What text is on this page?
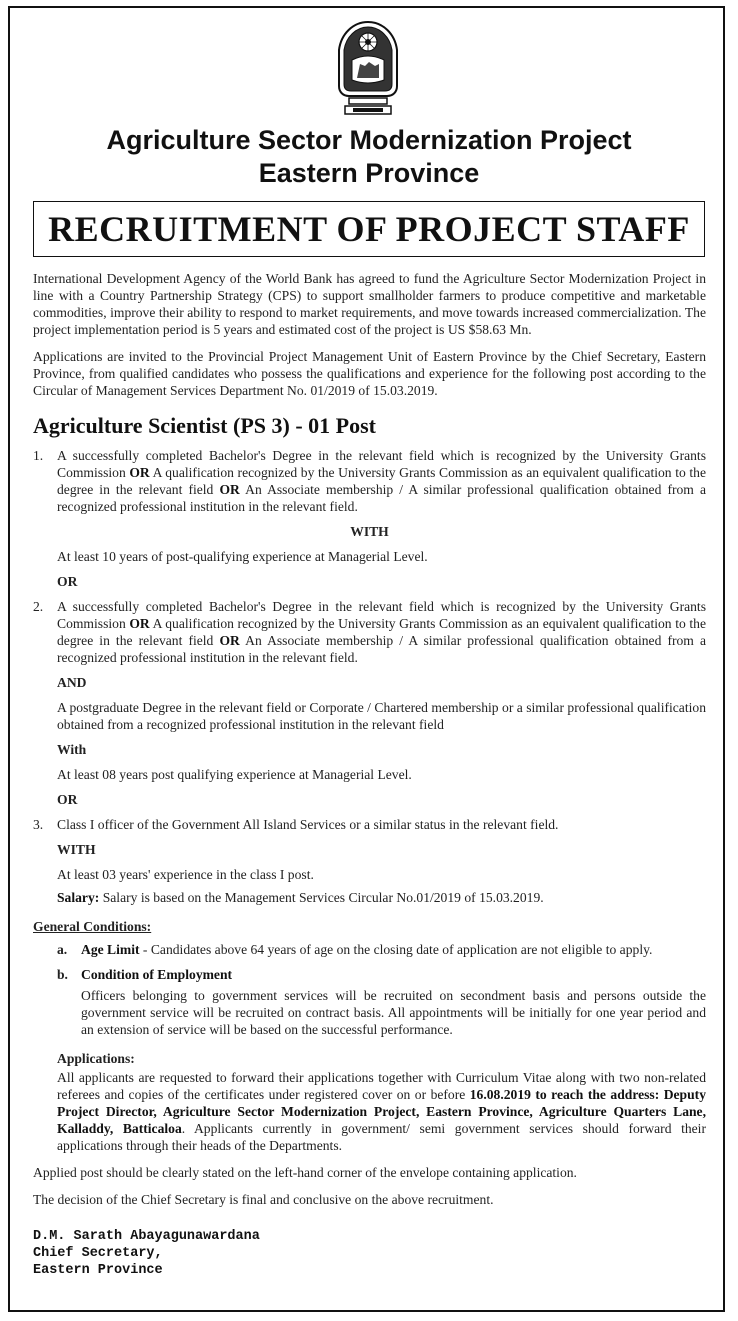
Agriculture Sector Modernization Project
Eastern Province
RECRUITMENT OF PROJECT STAFF

International Development Agency of the World Bank has agreed to fund the Agriculture Sector Modernization Project in line with a Country Partnership Strategy (CPS) to support smallholder farmers to produce competitive and marketable commodities, improve their ability to respond to market requirements, and move towards increased commercialization. The project implementation period is 5 years and estimated cost of the project is US $58.63 Mn.

Applications are invited to the Provincial Project Management Unit of Eastern Province by the Chief Secretary, Eastern Province, from qualified candidates who possess the qualifications and experience for the following post according to the Circular of Management Services Department No. 01/2019 of 15.03.2019.

Agriculture Scientist (PS 3) - 01 Post
1.	A successfully completed Bachelor's Degree in the relevant field which is recognized by the University Grants Commission OR A qualification recognized by the University Grants Commission as an equivalent qualification to the degree in the relevant field OR An Associate membership / A similar professional qualification obtained from a recognized professional institution in the relevant field.

WITH

At least 10 years of post-qualifying experience at Managerial Level.

OR

2.	A successfully completed Bachelor's Degree in the relevant field which is recognized by the University Grants Commission OR A qualification recognized by the University Grants Commission as an equivalent qualification to the degree in the relevant field OR An Associate membership / A similar professional qualification obtained from a recognized professional institution in the relevant field.

AND

A postgraduate Degree in the relevant field or Corporate / Chartered membership or a similar professional qualification obtained from a recognized professional institution in the relevant field

With

At least 08 years post qualifying experience at Managerial Level.

OR

3.	Class I officer of the Government All Island Services or a similar status in the relevant field.

WITH

At least 03 years' experience in the class I post.

Salary: Salary is based on the Management Services Circular No.01/2019 of 15.03.2019.

General Conditions:

a.	Age Limit - Candidates above 64 years of age on the closing date of application are not eligible to apply.

b. Condition of Employment

Officers belonging to government services will be recruited on secondment basis and persons outside the government service will be recruited on contract basis. All appointments will be initially for one year period and an extension of service will be based on the successful performance.

Applications:

All applicants are requested to forward their applications together with Curriculum Vitae along with two non-related referees and copies of the certificates under registered cover on or before 16.08.2019 to reach the address: Deputy Project Director, Agriculture Sector Modernization Project, Eastern Province, Agriculture Quarters Lane, Kalladdy, Batticaloa. Applicants currently in government/ semi government services should forward their applications through their heads of the Departments.

Applied post should be clearly stated on the left-hand corner of the envelope containing application.

The decision of the Chief Secretary is final and conclusive on the above recruitment.

D.M. Sarath Abayagunawardana
Chief Secretary,
Eastern Province
